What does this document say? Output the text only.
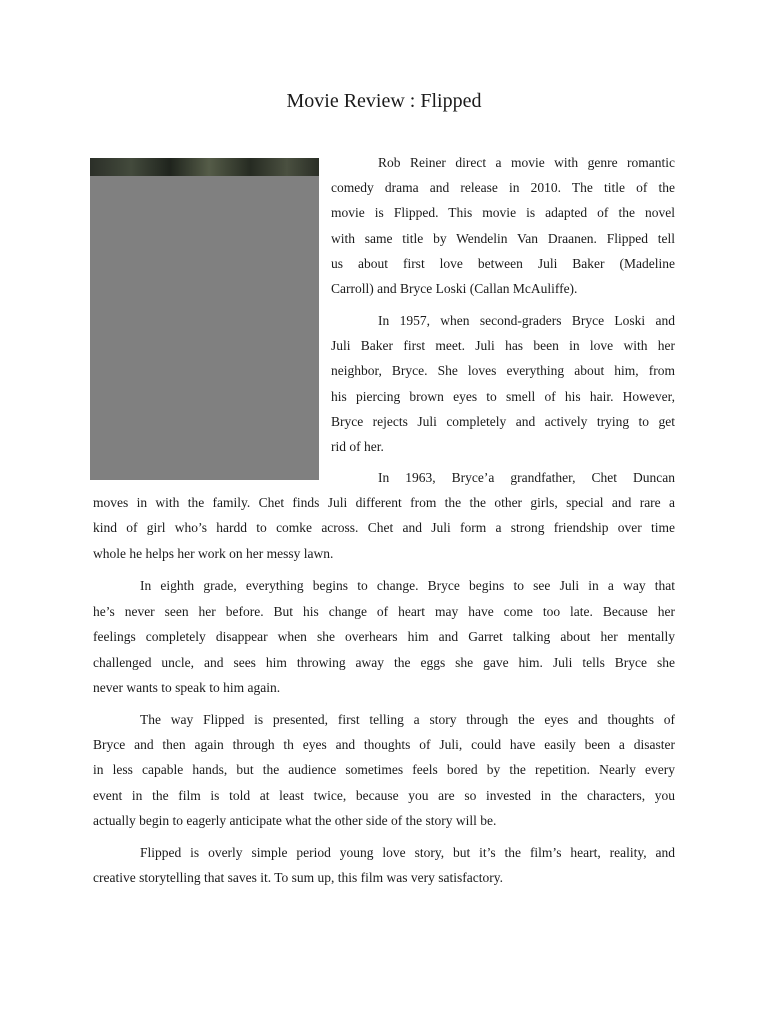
Movie Review : Flipped
Rob Reiner direct a movie with genre romantic
comedy drama and release in 2010. The title of the
movie is Flipped. This movie is adapted of the novel
with same title by Wendelin Van Draanen. Flipped tell
us about first love between Juli Baker (Madeline
Carroll) and Bryce Loski (Callan McAuliffe).
In 1957, when second-graders Bryce Loski and
Juli Baker first meet. Juli has been in love with her
neighbor, Bryce. She loves everything about him, from
his piercing brown eyes to smell of his hair. However,
Bryce rejects Juli completely and actively trying to get
rid of her.
In 1963, Bryce’a grandfather, Chet Duncan
moves in with the family. Chet finds Juli different from the the other girls, special and rare a
kind of girl who’s hardd to comke across. Chet and Juli form a strong friendship over time
whole he helps her work on her messy lawn.
In eighth grade, everything begins to change. Bryce begins to see Juli in a way that
he’s never seen her before. But his change of heart may have come too late. Because her
feelings completely disappear when she overhears him and Garret talking about her mentally
challenged uncle, and sees him throwing away the eggs she gave him. Juli tells Bryce she
never wants to speak to him again.
The way Flipped is presented, first telling a story through the eyes and thoughts of
Bryce and then again through th eyes and thoughts of Juli, could have easily been a disaster
in less capable hands, but the audience sometimes feels bored by the repetition. Nearly every
event in the film is told at least twice, because you are so invested in the characters, you
actually begin to eagerly anticipate what the other side of the story will be.
Flipped is overly simple period young love story, but it’s the film’s heart, reality, and
creative storytelling that saves it. To sum up, this film was very satisfactory.
